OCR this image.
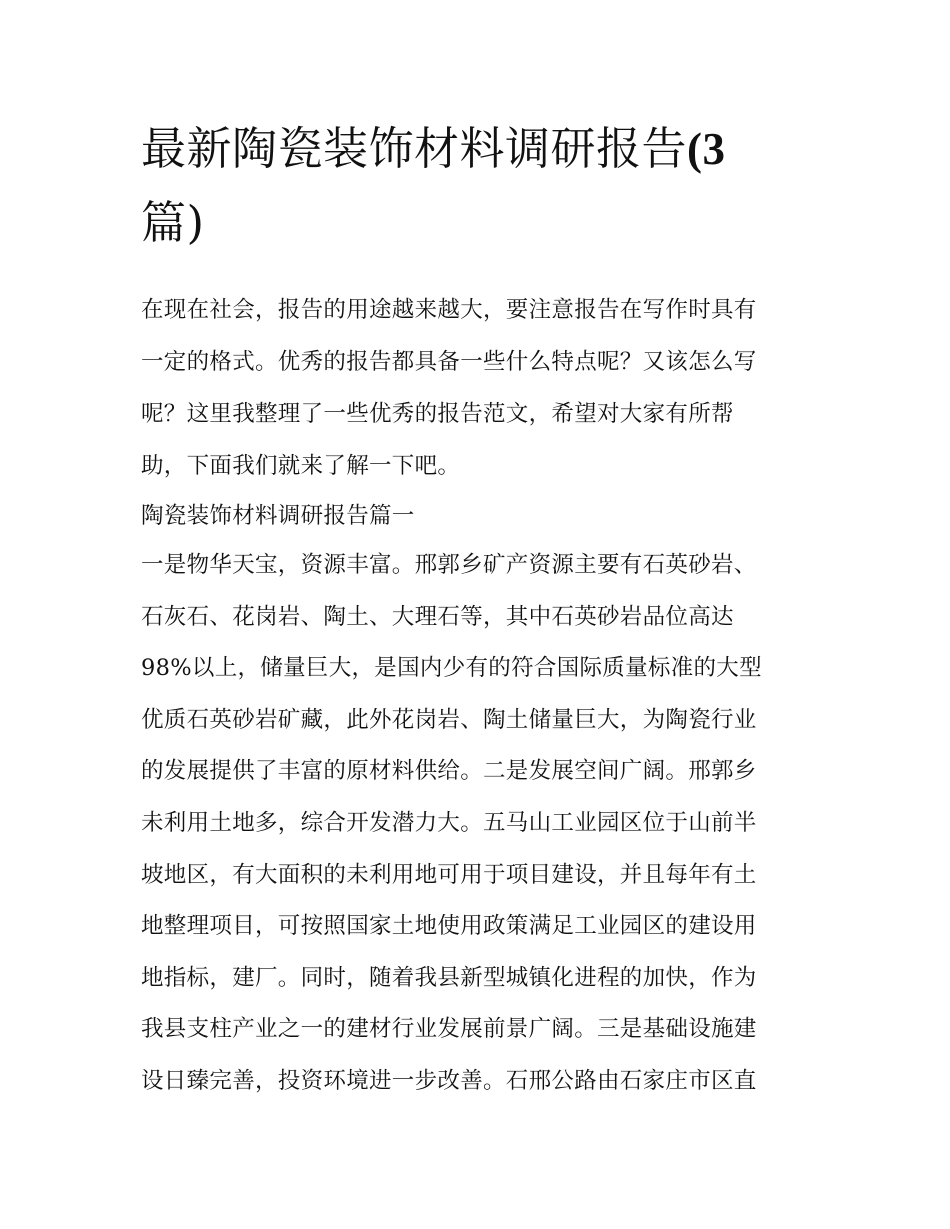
最新陶瓷装饰材料调研报告(3
篇)
在现在社会，报告的用途越来越大，要注意报告在写作时具有
一定的格式。优秀的报告都具备一些什么特点呢？又该怎么写
呢？这里我整理了一些优秀的报告范文，希望对大家有所帮
助，下面我们就来了解一下吧。

陶瓷装饰材料调研报告篇一

一是物华天宝，资源丰富。邢郭乡矿产资源主要有石英砂岩、
石灰石、花岗岩、陶土、大理石等，其中石英砂岩品位高达
98%以上，储量巨大，是国内少有的符合国际质量标准的大型
优质石英砂岩矿藏，此外花岗岩、陶土储量巨大，为陶瓷行业
的发展提供了丰富的原材料供给。二是发展空间广阔。邢郭乡
未利用土地多，综合开发潜力大。五马山工业园区位于山前半
坡地区，有大面积的未利用地可用于项目建设，并且每年有土
地整理项目，可按照国家土地使用政策满足工业园区的建设用
地指标，建厂。同时，随着我县新型城镇化进程的加快，作为
我县支柱产业之一的建材行业发展前景广阔。三是基础设施建
设日臻完善，投资环境进一步改善。石邢公路由石家庄市区直
